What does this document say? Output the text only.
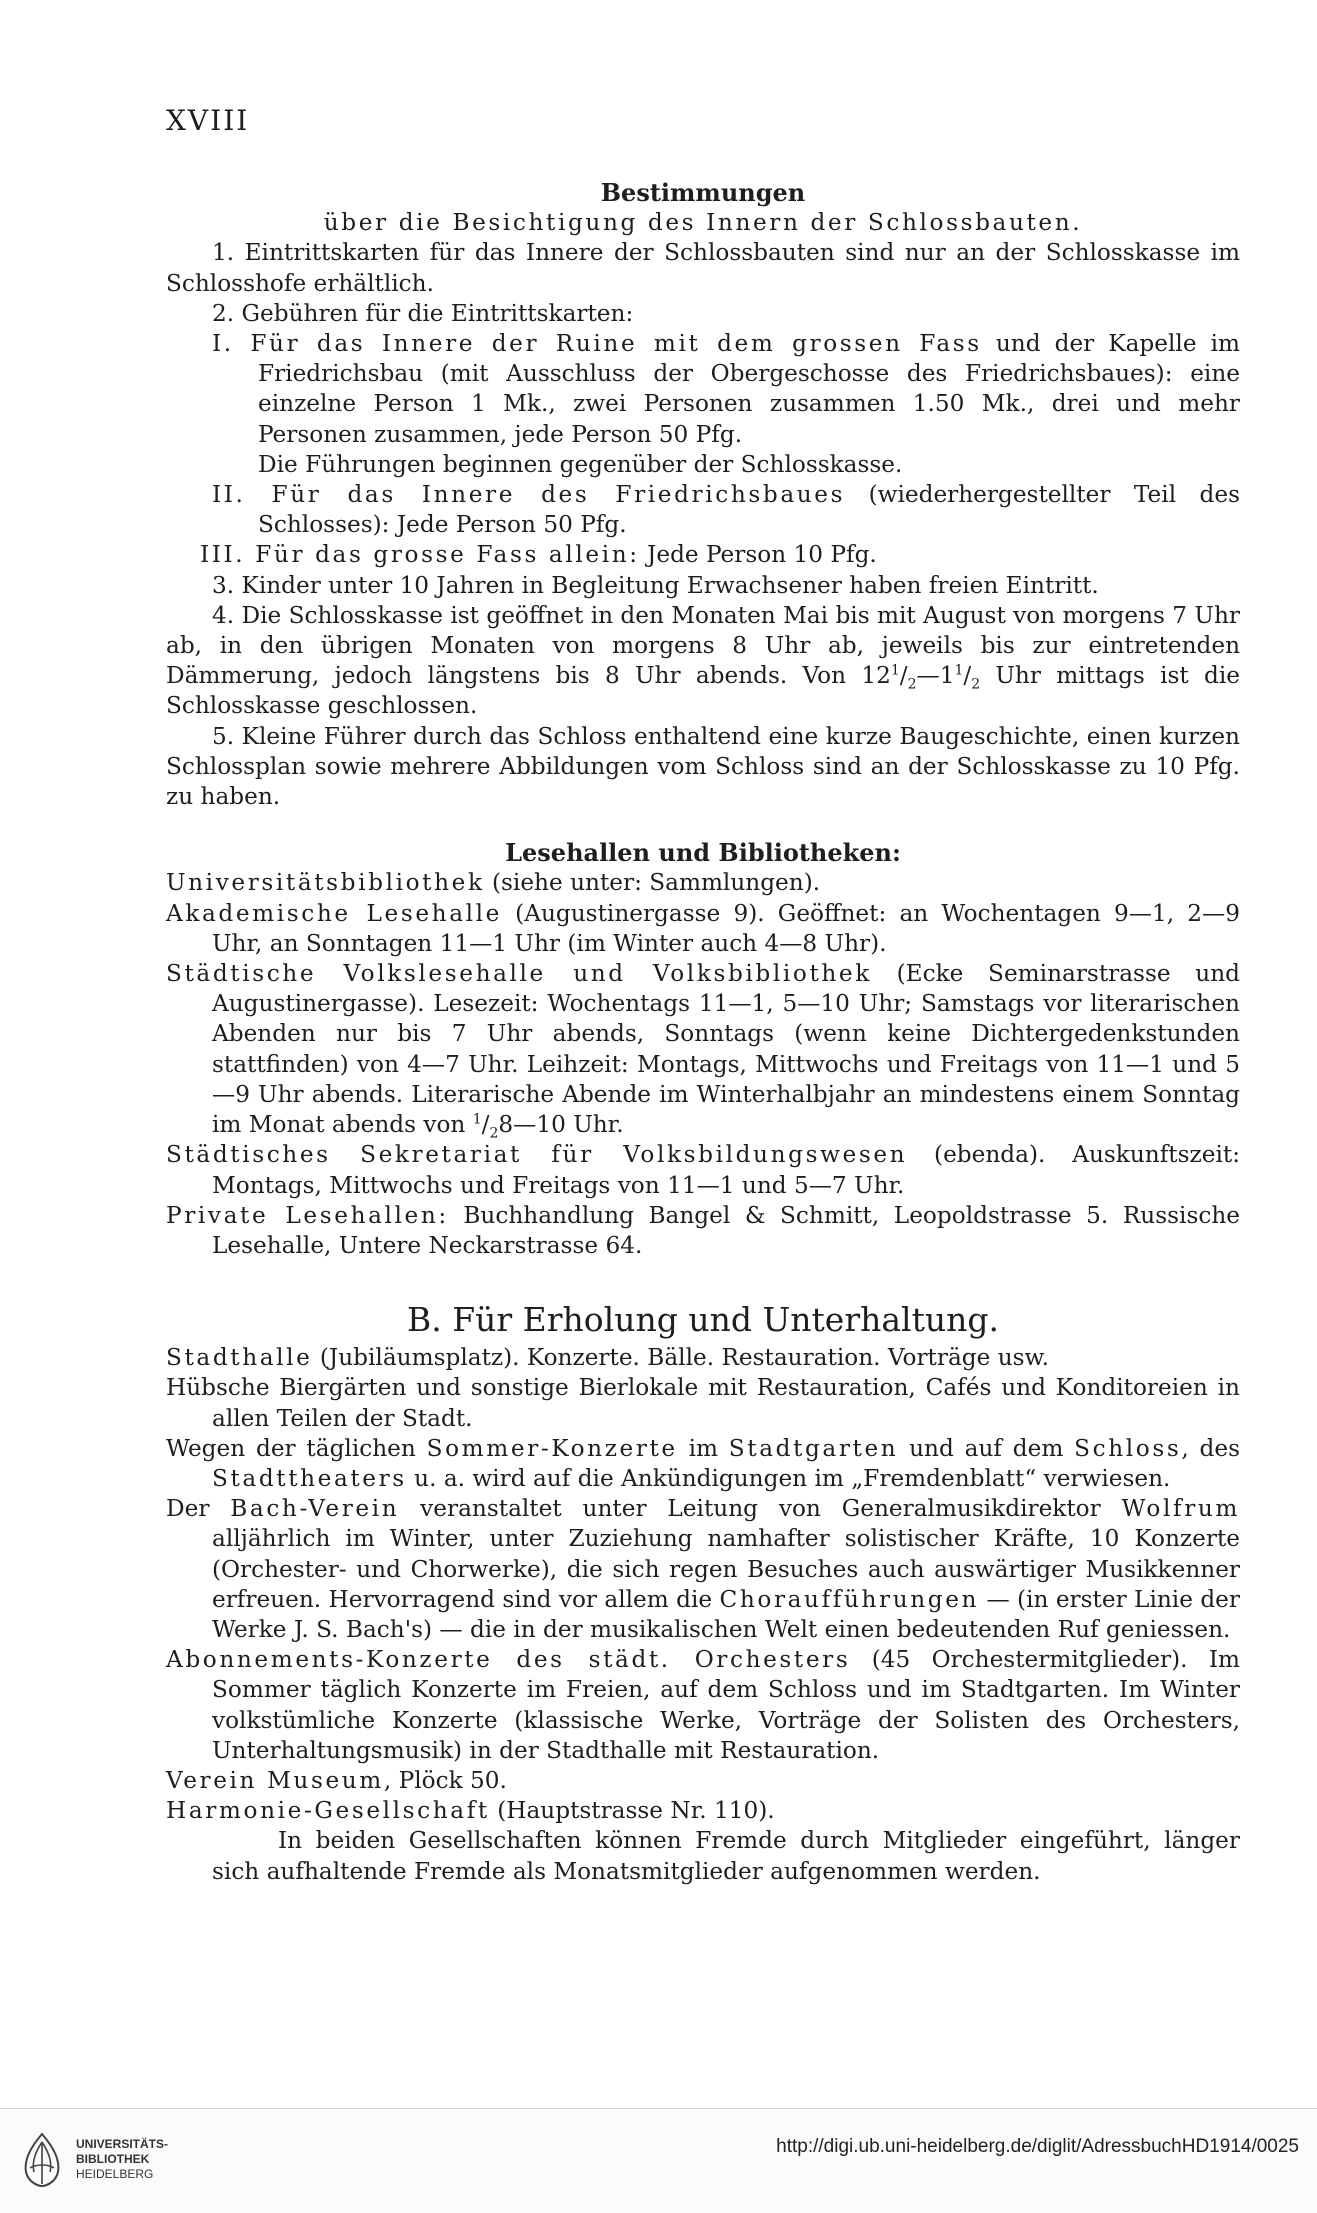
XVIII
Bestimmungen
über die Besichtigung des Innern der Schlossbauten.
1. Eintrittskarten für das Innere der Schlossbauten sind nur an der Schlosskasse im Schlosshofe erhältlich.
2. Gebühren für die Eintrittskarten:
I. Für das Innere der Ruine mit dem grossen Fass und der Kapelle im Friedrichsbau (mit Ausschluss der Obergeschosse des Friedrichsbaues): eine einzelne Person 1 Mk., zwei Personen zusammen 1.50 Mk., drei und mehr Personen zusammen, jede Person 50 Pfg.
Die Führungen beginnen gegenüber der Schlosskasse.
II. Für das Innere des Friedrichsbaues (wiederhergestellter Teil des Schlosses): Jede Person 50 Pfg.
III. Für das grosse Fass allein: Jede Person 10 Pfg.
3. Kinder unter 10 Jahren in Begleitung Erwachsener haben freien Eintritt.
4. Die Schlosskasse ist geöffnet in den Monaten Mai bis mit August von morgens 7 Uhr ab, in den übrigen Monaten von morgens 8 Uhr ab, jeweils bis zur eintretenden Dämmerung, jedoch längstens bis 8 Uhr abends. Von $12^1/_2—1^1/_2$ Uhr mittags ist die Schlosskasse geschlossen.
5. Kleine Führer durch das Schloss enthaltend eine kurze Baugeschichte, einen kurzen Schlossplan sowie mehrere Abbildungen vom Schloss sind an der Schlosskasse zu 10 Pfg. zu haben.
Lesehallen und Bibliotheken:
Universitätsbibliothek (siehe unter: Sammlungen).
Akademische Lesehalle (Augustinergasse 9). Geöffnet: an Wochentagen 9—1, 2—9 Uhr, an Sonntagen 11—1 Uhr (im Winter auch 4—8 Uhr).
Städtische Volkslesehalle und Volksbibliothek (Ecke Seminarstrasse und Augustinergasse). Lesezeit: Wochentags 11—1, 5—10 Uhr; Samstags vor literarischen Abenden nur bis 7 Uhr abends, Sonntags (wenn keine Dichtergedenkstunden stattfinden) von 4—7 Uhr. Leihzeit: Montags, Mittwochs und Freitags von 11—1 und 5—9 Uhr abends. Literarische Abende im Winterhalbjahr an mindestens einem Sonntag im Monat abends von $^1/_28—10$ Uhr.
Städtisches Sekretariat für Volksbildungswesen (ebenda). Auskunftszeit: Montags, Mittwochs und Freitags von 11—1 und 5—7 Uhr.
Private Lesehallen: Buchhandlung Bangel & Schmitt, Leopoldstrasse 5. Russische Lesehalle, Untere Neckarstrasse 64.
B. Für Erholung und Unterhaltung.
Stadthalle (Jubiläumsplatz). Konzerte. Bälle. Restauration. Vorträge usw.
Hübsche Biergärten und sonstige Bierlokale mit Restauration, Cafés und Konditoreien in allen Teilen der Stadt.
Wegen der täglichen Sommer-Konzerte im Stadtgarten und auf dem Schloss, des Stadttheaters u. a. wird auf die Ankündigungen im „Fremdenblatt“ verwiesen.
Der Bach-Verein veranstaltet unter Leitung von Generalmusikdirektor Wolfrum alljährlich im Winter, unter Zuziehung namhafter solistischer Kräfte, 10 Konzerte (Orchester- und Chorwerke), die sich regen Besuches auch auswärtiger Musikkenner erfreuen. Hervorragend sind vor allem die Choraufführungen — (in erster Linie der Werke J. S. Bach's) — die in der musikalischen Welt einen bedeutenden Ruf geniessen.
Abonnements-Konzerte des städt. Orchesters (45 Orchestermitglieder). Im Sommer täglich Konzerte im Freien, auf dem Schloss und im Stadtgarten. Im Winter volkstümliche Konzerte (klassische Werke, Vorträge der Solisten des Orchesters, Unterhaltungsmusik) in der Stadthalle mit Restauration.
Verein Museum, Plöck 50.
Harmonie-Gesellschaft (Hauptstrasse Nr. 110).
In beiden Gesellschaften können Fremde durch Mitglieder eingeführt, länger sich aufhaltende Fremde als Monatsmitglieder aufgenommen werden.
UNIVERSITÄTS-
BIBLIOTHEK
HEIDELBERG
http://digi.ub.uni-heidelberg.de/diglit/AdressbuchHD1914/0025
